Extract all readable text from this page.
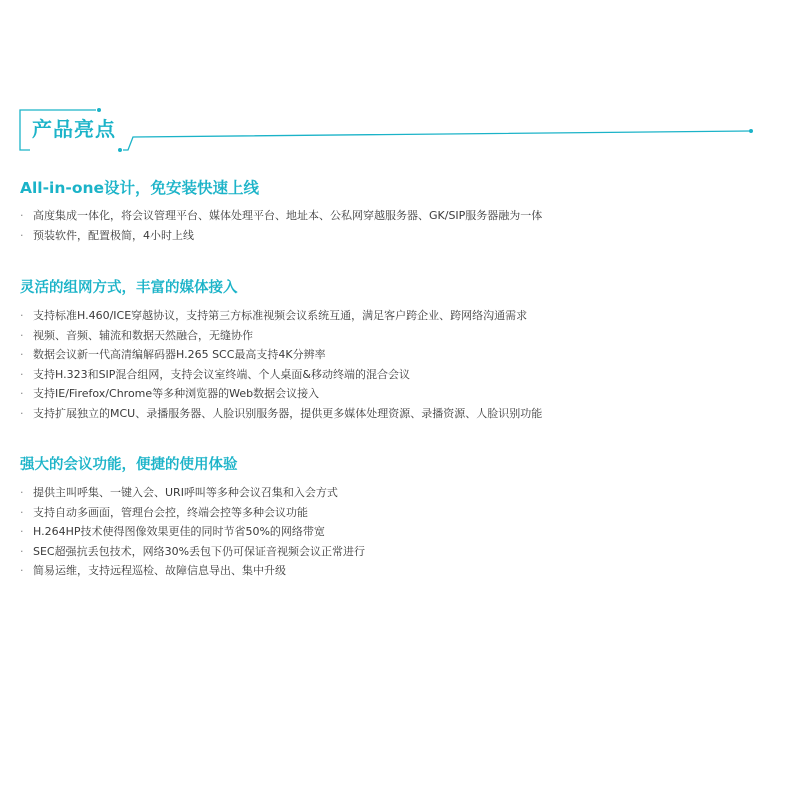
产品亮点
All-in-one设计，免安装快速上线
· 高度集成一体化，将会议管理平台、媒体处理平台、地址本、公私网穿越服务器、GK/SIP服务器融为一体
· 预装软件，配置极简，4小时上线
灵活的组网方式，丰富的媒体接入
· 支持标准H.460/ICE穿越协议，支持第三方标准视频会议系统互通，满足客户跨企业、跨网络沟通需求
· 视频、音频、辅流和数据天然融合，无缝协作
· 数据会议新一代高清编解码器H.265 SCC最高支持4K分辨率
· 支持H.323和SIP混合组网，支持会议室终端、个人桌面&移动终端的混合会议
· 支持IE/Firefox/Chrome等多种浏览器的Web数据会议接入
· 支持扩展独立的MCU、录播服务器、人脸识别服务器，提供更多媒体处理资源、录播资源、人脸识别功能
强大的会议功能，便捷的使用体验
· 提供主叫呼集、一键入会、URI呼叫等多种会议召集和入会方式
· 支持自动多画面，管理台会控，终端会控等多种会议功能
· H.264HP技术使得图像效果更佳的同时节省50%的网络带宽
· SEC超强抗丢包技术，网络30%丢包下仍可保证音视频会议正常进行
· 简易运维，支持远程巡检、故障信息导出、集中升级
